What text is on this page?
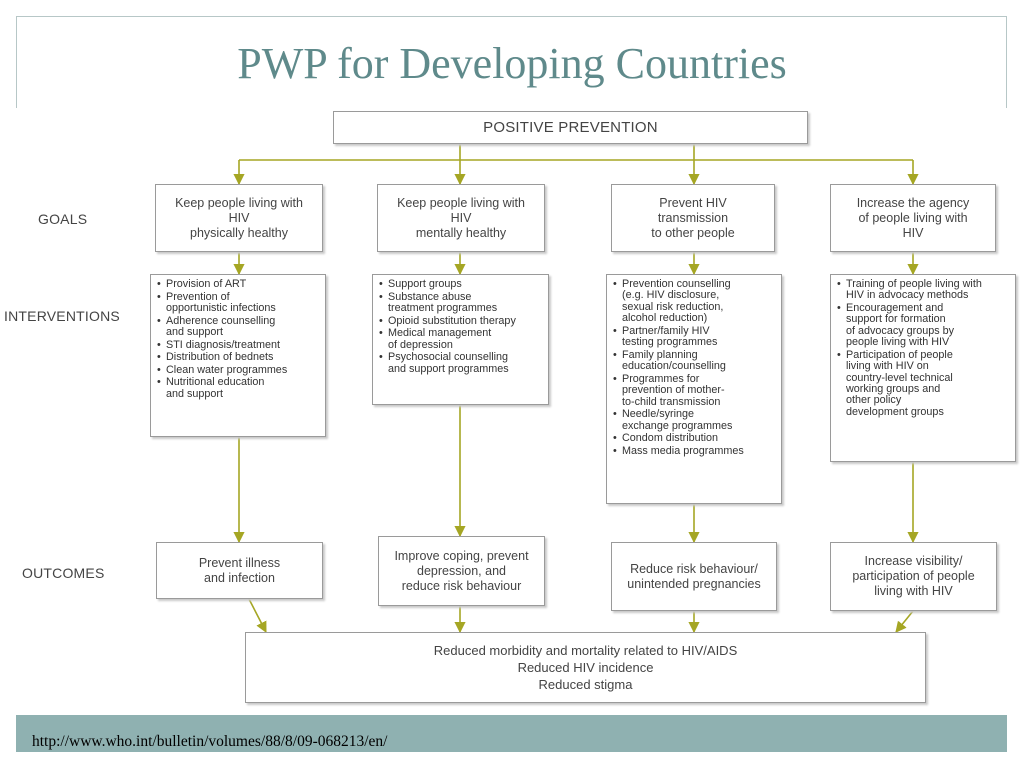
PWP for Developing Countries
POSITIVE PREVENTION
GOALS
INTERVENTIONS
OUTCOMES
Keep people living with
HIV
physically healthy
Keep people living with
HIV
mentally healthy
Prevent HIV
transmission
to other people
Increase the agency
of people living with
HIV
• Provision of ART
• Prevention of
opportunistic infections
• Adherence counselling
and support
• STI diagnosis/treatment
• Distribution of bednets
• Clean water programmes
• Nutritional education
and support
• Support groups
• Substance abuse
treatment programmes
• Opioid substitution therapy
• Medical management
of depression
• Psychosocial counselling
and support programmes
• Prevention counselling
(e.g. HIV disclosure,
sexual risk reduction,
alcohol reduction)
• Partner/family HIV
testing programmes
• Family planning
education/counselling
• Programmes for
prevention of mother-
to-child transmission
• Needle/syringe
exchange programmes
• Condom distribution
• Mass media programmes
• Training of people living with
HIV in advocacy methods
• Encouragement and
support for formation
of advocacy groups by
people living with HIV
• Participation of people
living with HIV on
country-level technical
working groups and
other policy
development groups
Prevent illness
and infection
Improve coping, prevent
depression, and
reduce risk behaviour
Reduce risk behaviour/
unintended pregnancies
Increase visibility/
participation of people
living with HIV
Reduced morbidity and mortality related to HIV/AIDS
Reduced HIV incidence
Reduced stigma
http://www.who.int/bulletin/volumes/88/8/09-068213/en/
